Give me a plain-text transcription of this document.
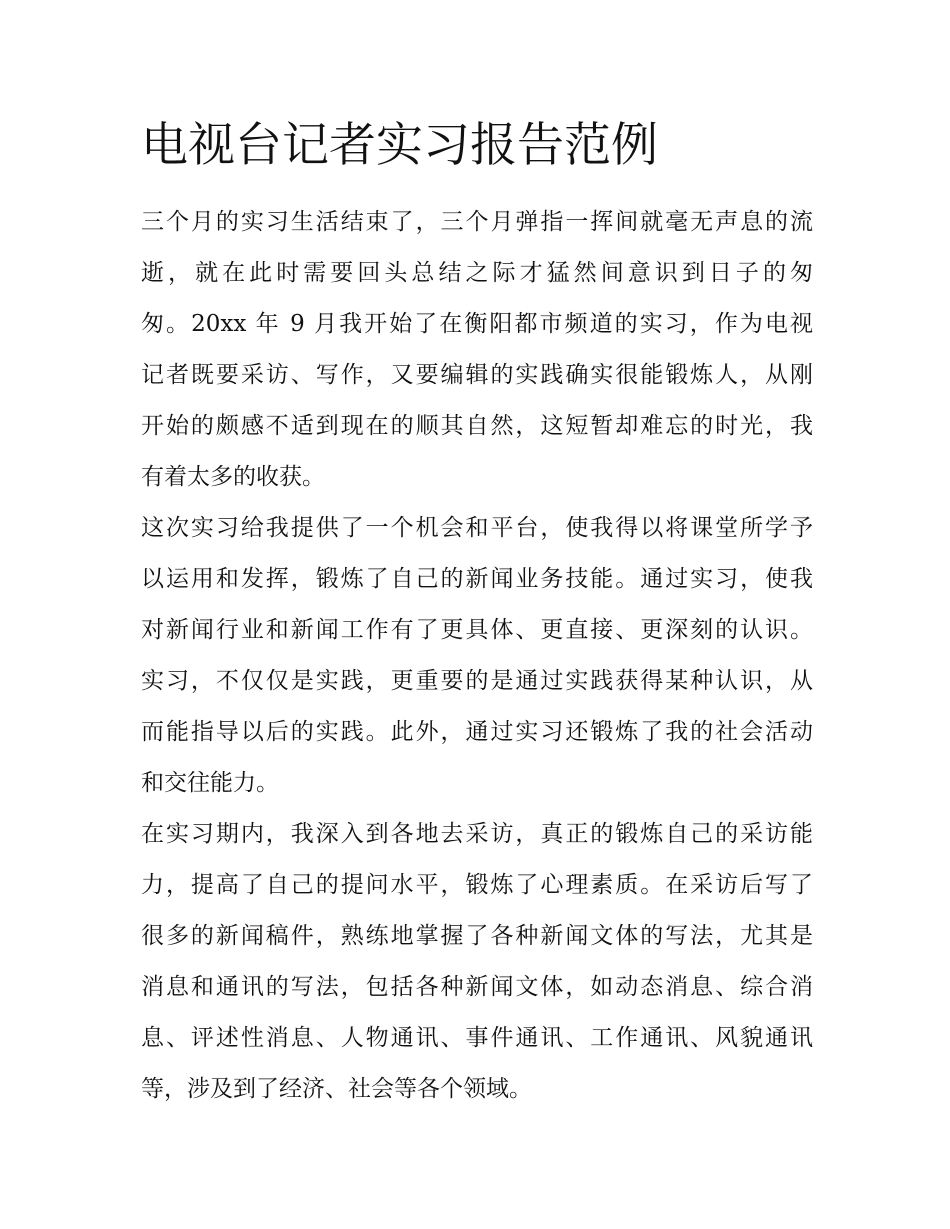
电视台记者实习报告范例

三个月的实习生活结束了，三个月弹指一挥间就毫无声息的流
逝，就在此时需要回头总结之际才猛然间意识到日子的匆
匆。20xx 年 9 月我开始了在衡阳都市频道的实习，作为电视
记者既要采访、写作，又要编辑的实践确实很能锻炼人，从刚
开始的颇感不适到现在的顺其自然，这短暂却难忘的时光，我
有着太多的收获。

这次实习给我提供了一个机会和平台，使我得以将课堂所学予
以运用和发挥，锻炼了自己的新闻业务技能。通过实习，使我
对新闻行业和新闻工作有了更具体、更直接、更深刻的认识。
实习，不仅仅是实践，更重要的是通过实践获得某种认识，从
而能指导以后的实践。此外，通过实习还锻炼了我的社会活动
和交往能力。

在实习期内，我深入到各地去采访，真正的锻炼自己的采访能
力，提高了自己的提问水平，锻炼了心理素质。在采访后写了
很多的新闻稿件，熟练地掌握了各种新闻文体的写法，尤其是
消息和通讯的写法，包括各种新闻文体，如动态消息、综合消
息、评述性消息、人物通讯、事件通讯、工作通讯、风貌通讯
等，涉及到了经济、社会等各个领域。
